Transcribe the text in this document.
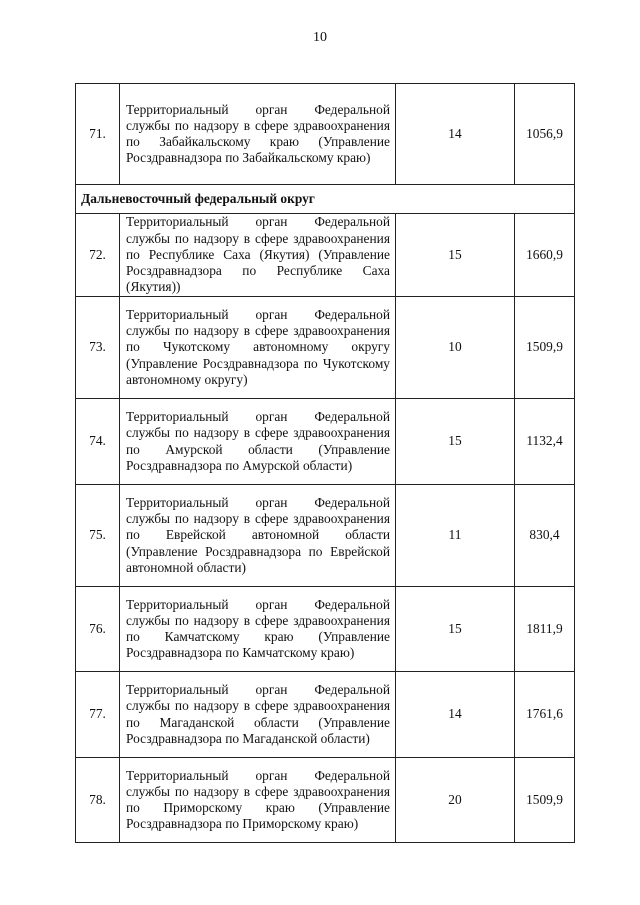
10
71.	Территориальный орган Федеральной службы по надзору в сфере здравоохранения по Забайкальскому краю (Управление Росздравнадзора по Забайкальскому краю)	14	1056,9
Дальневосточный федеральный округ			
72.	Территориальный орган Федеральной службы по надзору в сфере здравоохранения по Республике Саха (Якутия) (Управление Росздравнадзора по Республике Саха (Якутия))	15	1660,9
73.	Территориальный орган Федеральной службы по надзору в сфере здравоохранения по Чукотскому автономному округу (Управление Росздравнадзора по Чукотскому автономному округу)	10	1509,9
74.	Территориальный орган Федеральной службы по надзору в сфере здравоохранения по Амурской области (Управление Росздравнадзора по Амурской области)	15	1132,4
75.	Территориальный орган Федеральной службы по надзору в сфере здравоохранения по Еврейской автономной области (Управление Росздравнадзора по Еврейской автономной области)	11	830,4
76.	Территориальный орган Федеральной службы по надзору в сфере здравоохранения по Камчатскому краю (Управление Росздравнадзора по Камчатскому краю)	15	1811,9
77.	Территориальный орган Федеральной службы по надзору в сфере здравоохранения по Магаданской области (Управление Росздравнадзора по Магаданской области)	14	1761,6
78.	Территориальный орган Федеральной службы по надзору в сфере здравоохранения по Приморскому краю (Управление Росздравнадзора по Приморскому краю)	20	1509,9
